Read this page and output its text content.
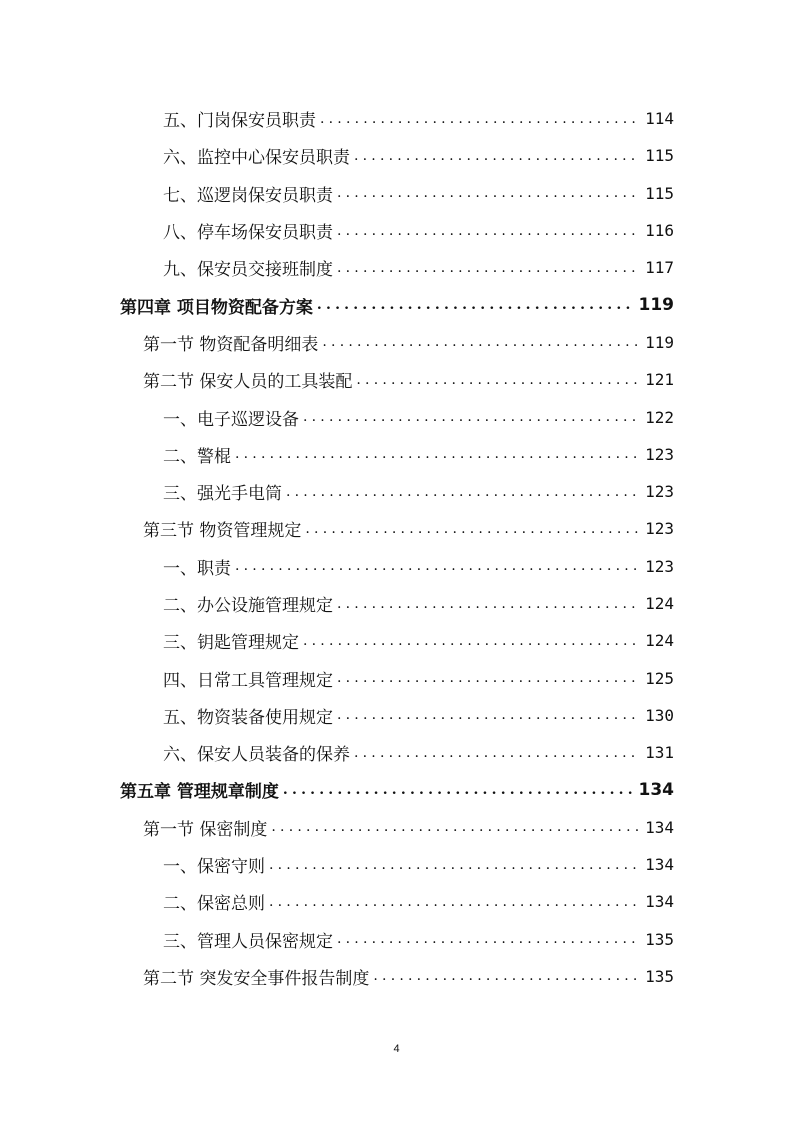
五、门岗保安员职责 .....	114
六、监控中心保安员职责 .....	115
七、巡逻岗保安员职责 .....	115
八、停车场保安员职责 .....	116
九、保安员交接班制度 .....	117
第四章 项目物资配备方案 .....	119
第一节 物资配备明细表 .....	119
第二节 保安人员的工具装配 .....	121
一、电子巡逻设备 .....	122
二、警棍 .....	123
三、强光手电筒 .....	123
第三节 物资管理规定 .....	123
一、职责 .....	123
二、办公设施管理规定 .....	124
三、钥匙管理规定 .....	124
四、日常工具管理规定 .....	125
五、物资装备使用规定 .....	130
六、保安人员装备的保养 .....	131
第五章 管理规章制度 .....	134
第一节 保密制度 .....	134
一、保密守则 .....	134
二、保密总则 .....	134
三、管理人员保密规定 .....	135
第二节 突发安全事件报告制度 .....	135
4
